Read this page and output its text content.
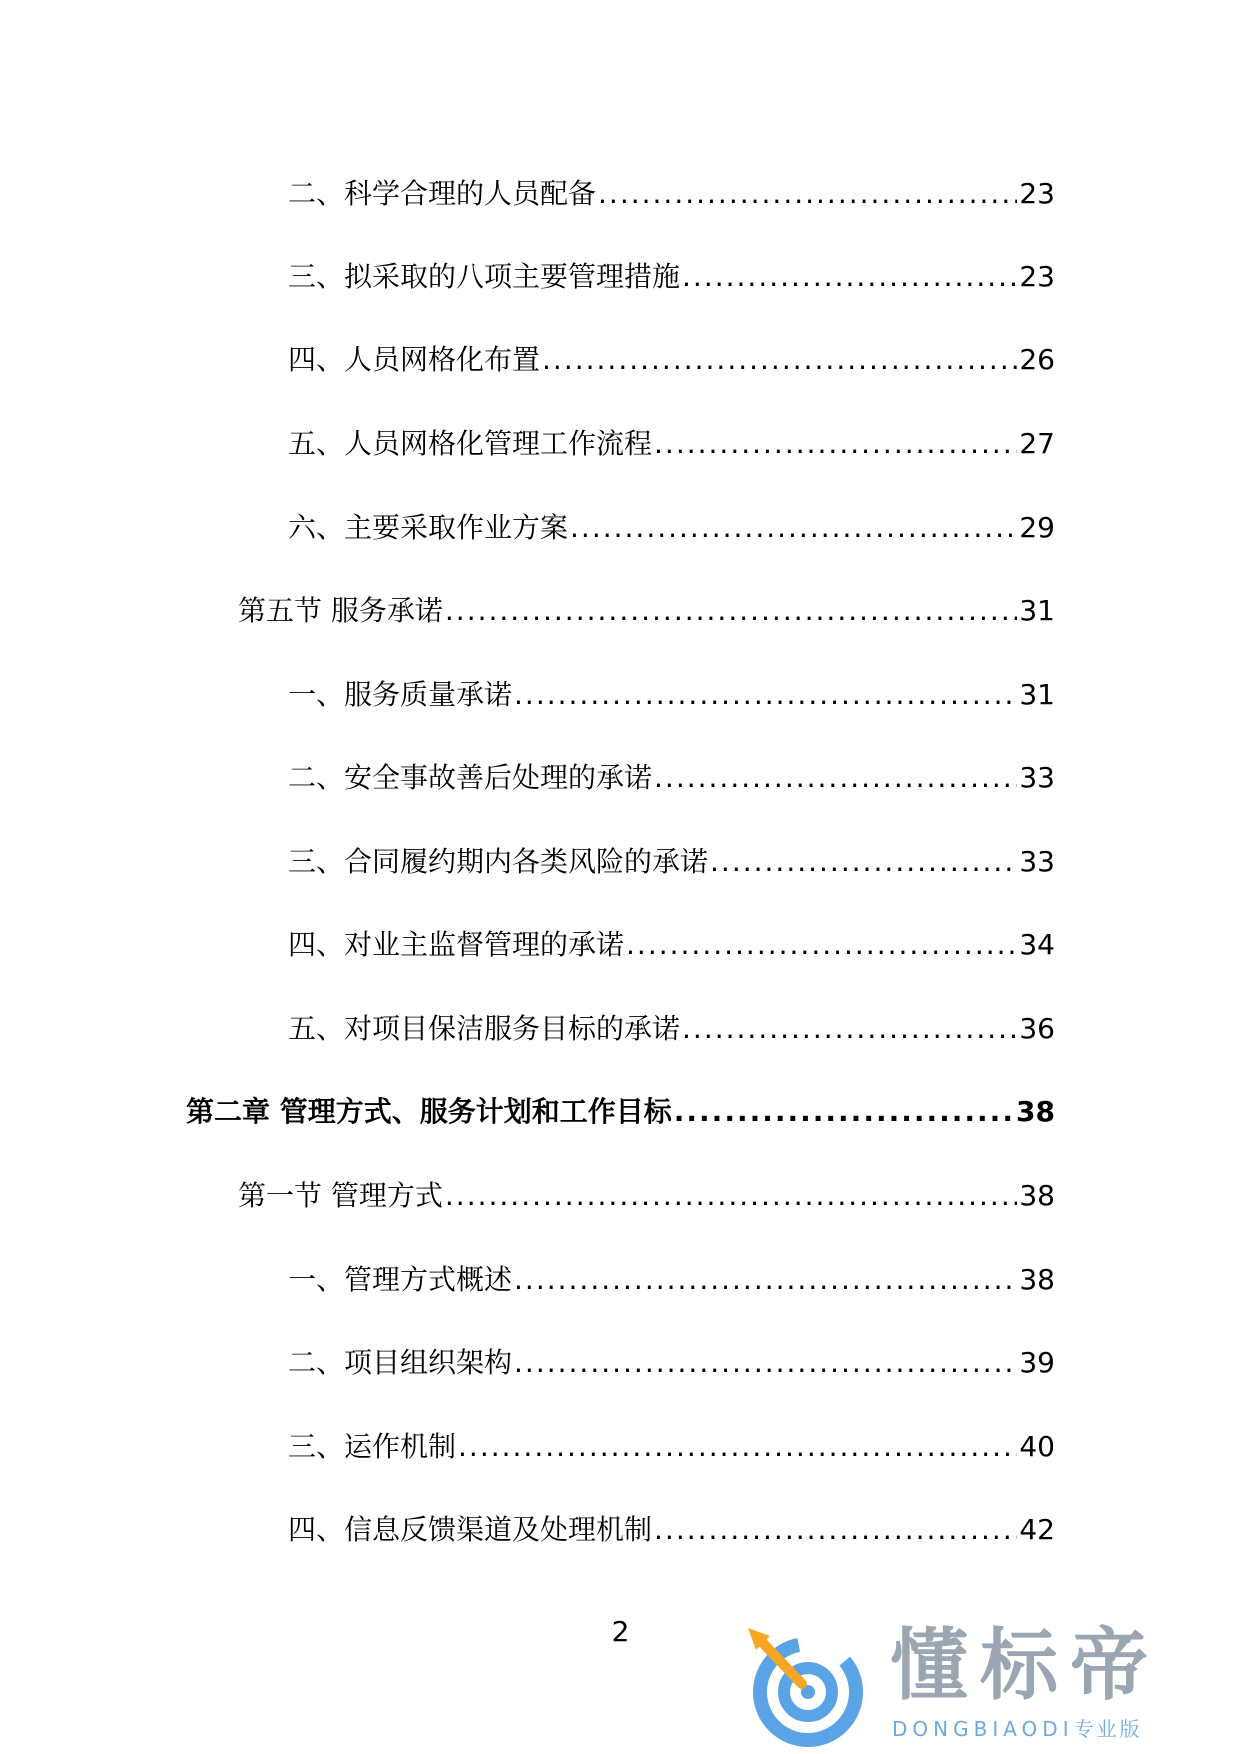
二、科学合理的人员配备 .....	23
三、拟采取的八项主要管理措施 .....	23
四、人员网格化布置 .....	26
五、人员网格化管理工作流程 .....	27
六、主要采取作业方案 .....	29
第五节 服务承诺 .....	31
一、服务质量承诺 .....	31
二、安全事故善后处理的承诺 .....	33
三、合同履约期内各类风险的承诺 .....	33
四、对业主监督管理的承诺 .....	34
五、对项目保洁服务目标的承诺 .....	36
第二章 管理方式、服务计划和工作目标 .....	38
第一节 管理方式 .....	38
一、管理方式概述 .....	38
二、项目组织架构 .....	39
三、运作机制 .....	40
四、信息反馈渠道及处理机制 .....	42
2	懂标帝
DONGBIAODI专业版
